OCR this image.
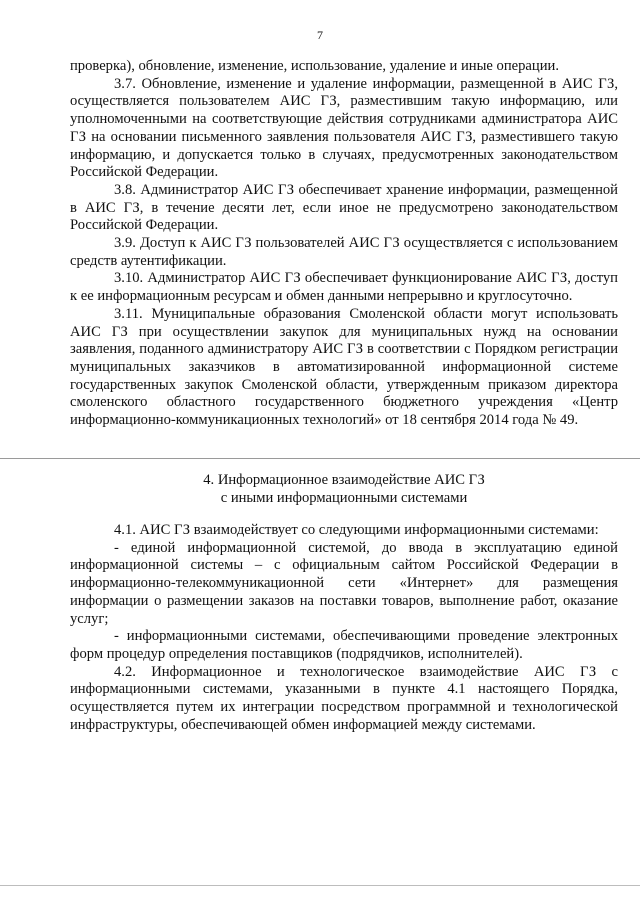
7

проверка), обновление, изменение, использование, удаление и иные операции.

3.7. Обновление, изменение и удаление информации, размещенной в АИС ГЗ, осуществляется пользователем АИС ГЗ, разместившим такую информацию, или уполномоченными на соответствующие действия сотрудниками администратора АИС ГЗ на основании письменного заявления пользователя АИС ГЗ, разместившего такую информацию, и допускается только в случаях, предусмотренных законодательством Российской Федерации.

3.8. Администратор АИС ГЗ обеспечивает хранение информации, размещенной в АИС ГЗ, в течение десяти лет, если иное не предусмотрено законодательством Российской Федерации.

3.9. Доступ к АИС ГЗ пользователей АИС ГЗ осуществляется с использованием средств аутентификации.

3.10. Администратор АИС ГЗ обеспечивает функционирование АИС ГЗ, доступ к ее информационным ресурсам и обмен данными непрерывно и круглосуточно.

3.11. Муниципальные образования Смоленской области могут использовать АИС ГЗ при осуществлении закупок для муниципальных нужд на основании заявления, поданного администратору АИС ГЗ в соответствии с Порядком регистрации муниципальных заказчиков в автоматизированной информационной системе государственных закупок Смоленской области, утвержденным приказом директора смоленского областного государственного бюджетного учреждения «Центр информационно-коммуникационных технологий» от 18 сентября 2014 года № 49.

4. Информационное взаимодействие АИС ГЗ
с иными информационными системами

4.1. АИС ГЗ взаимодействует со следующими информационными системами:

- единой информационной системой, до ввода в эксплуатацию единой информационной системы – с официальным сайтом Российской Федерации в информационно-телекоммуникационной сети «Интернет» для размещения информации о размещении заказов на поставки товаров, выполнение работ, оказание услуг;

- информационными системами, обеспечивающими проведение электронных форм процедур определения поставщиков (подрядчиков, исполнителей).

4.2. Информационное и технологическое взаимодействие АИС ГЗ с информационными системами, указанными в пункте 4.1 настоящего Порядка, осуществляется путем их интеграции посредством программной и технологической инфраструктуры, обеспечивающей обмен информацией между системами.
